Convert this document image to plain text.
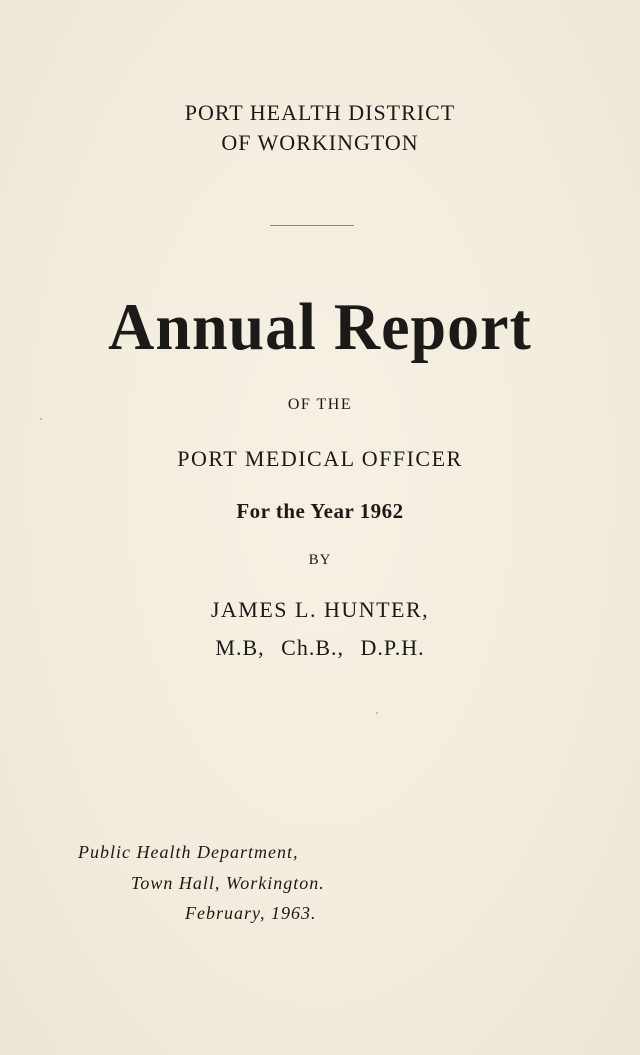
PORT HEALTH DISTRICT
OF WORKINGTON
Annual Report
OF THE
PORT MEDICAL OFFICER
For the Year 1962
BY
JAMES L. HUNTER,
M.B, Ch.B., D.P.H.
Public Health Department,
Town Hall, Workington.
February, 1963.
